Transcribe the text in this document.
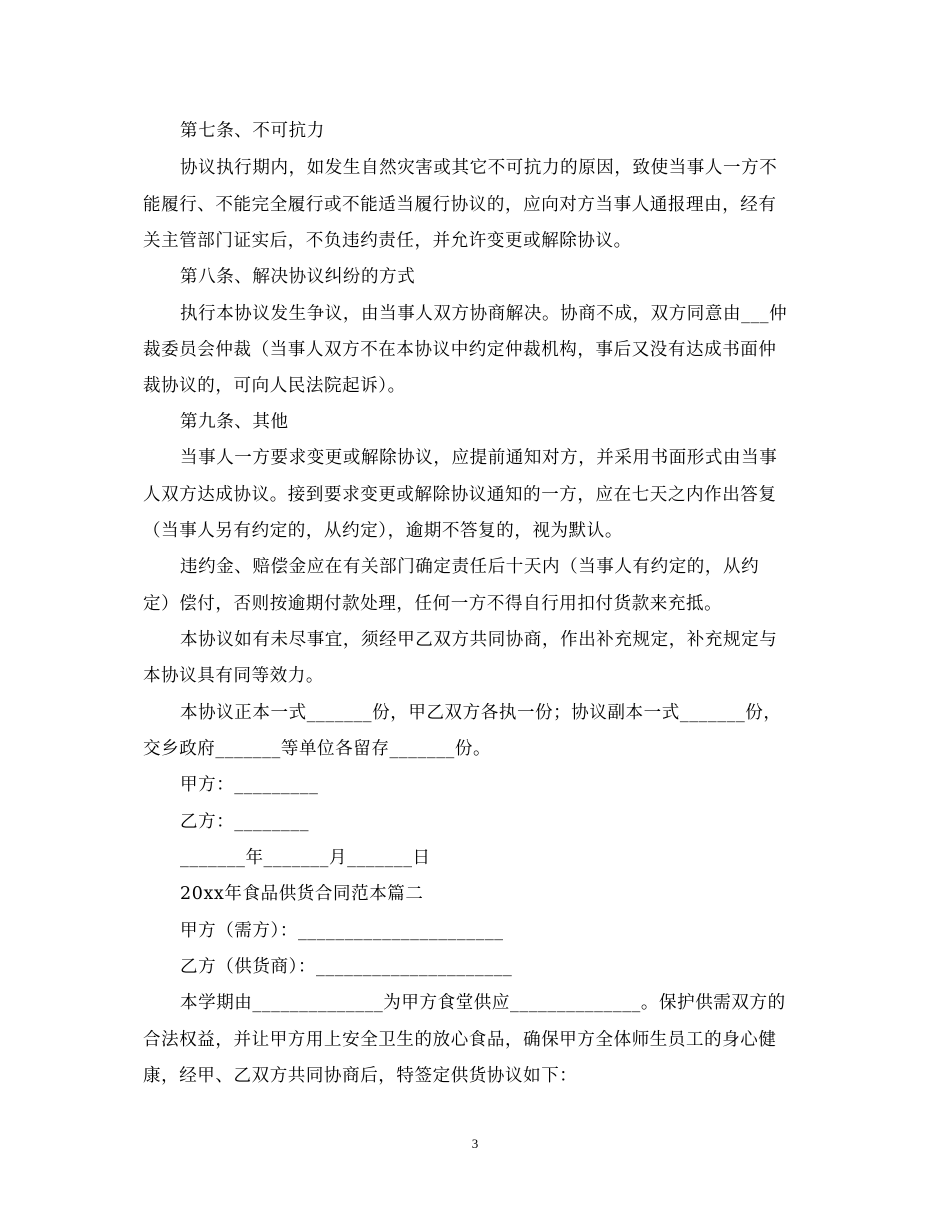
第七条、不可抗力
协议执行期内，如发生自然灾害或其它不可抗力的原因，致使当事人一方不
能履行、不能完全履行或不能适当履行协议的，应向对方当事人通报理由，经有
关主管部门证实后，不负违约责任，并允许变更或解除协议。
第八条、解决协议纠纷的方式
执行本协议发生争议，由当事人双方协商解决。协商不成，双方同意由___仲
裁委员会仲裁（当事人双方不在本协议中约定仲裁机构，事后又没有达成书面仲
裁协议的，可向人民法院起诉）。
第九条、其他
当事人一方要求变更或解除协议，应提前通知对方，并采用书面形式由当事
人双方达成协议。接到要求变更或解除协议通知的一方，应在七天之内作出答复
（当事人另有约定的，从约定），逾期不答复的，视为默认。
违约金、赔偿金应在有关部门确定责任后十天内（当事人有约定的，从约
定）偿付，否则按逾期付款处理，任何一方不得自行用扣付货款来充抵。
本协议如有未尽事宜，须经甲乙双方共同协商，作出补充规定，补充规定与
本协议具有同等效力。
本协议正本一式_______份，甲乙双方各执一份；协议副本一式_______份，
交乡政府_______等单位各留存_______份。
甲方：_________
乙方：________
_______年_______月_______日
20xx年食品供货合同范本篇二
甲方（需方）：______________________
乙方（供货商）：_____________________
本学期由______________为甲方食堂供应______________。保护供需双方的
合法权益，并让甲方用上安全卫生的放心食品，确保甲方全体师生员工的身心健
康，经甲、乙双方共同协商后，特签定供货协议如下：
3
